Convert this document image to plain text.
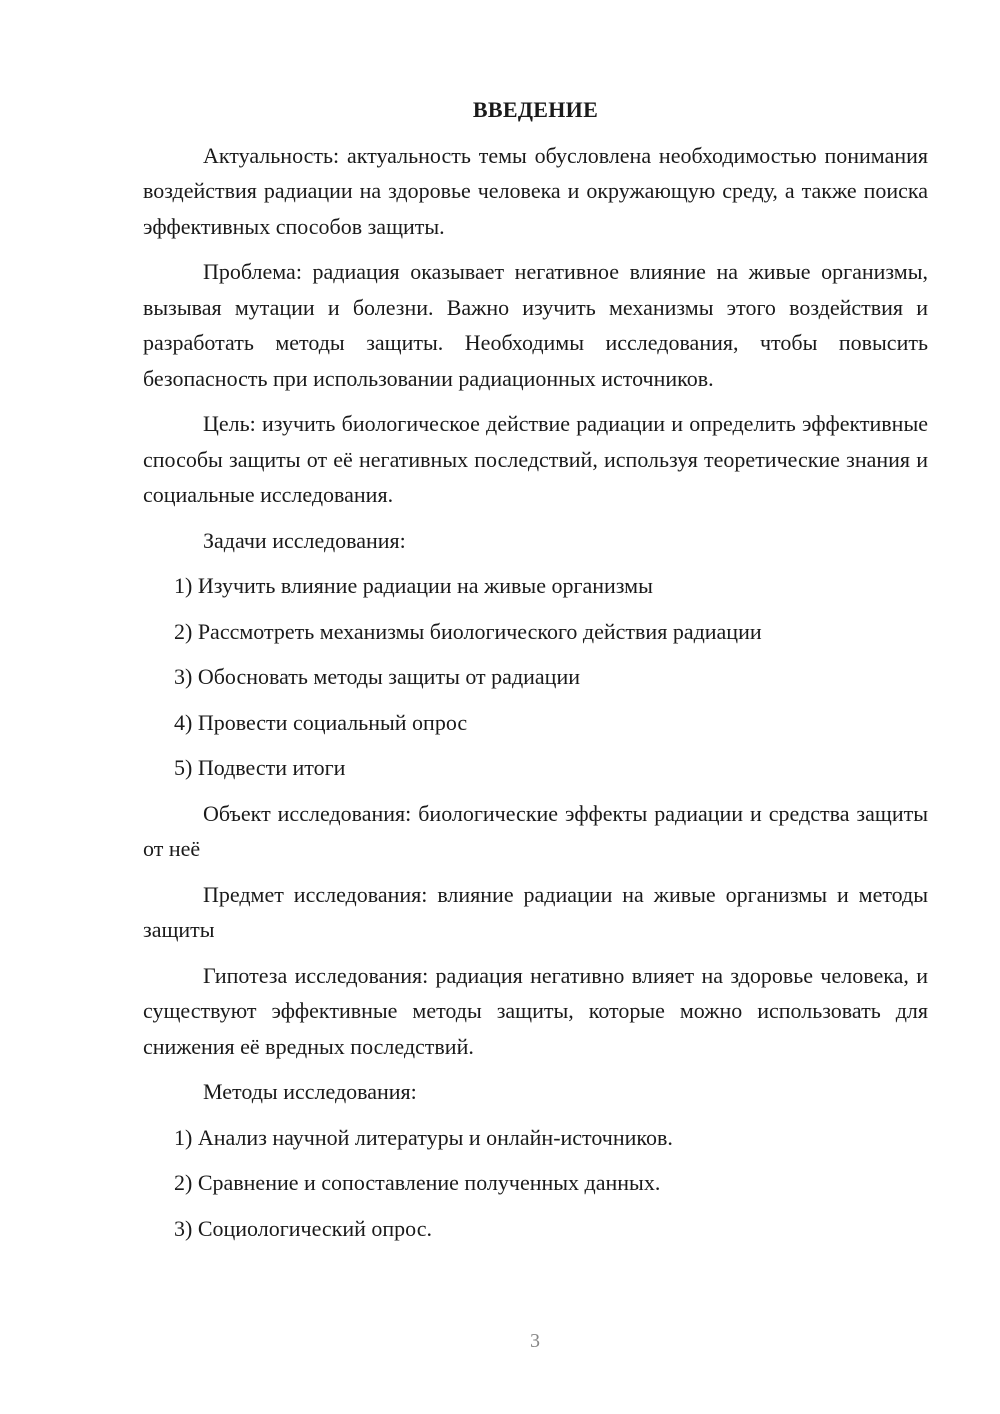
ВВЕДЕНИЕ

Актуальность: актуальность темы обусловлена необходимостью понимания воздействия радиации на здоровье человека и окружающую среду, а также поиска эффективных способов защиты.

Проблема: радиация оказывает негативное влияние на живые организмы, вызывая мутации и болезни. Важно изучить механизмы этого воздействия и разработать методы защиты. Необходимы исследования, чтобы повысить безопасность при использовании радиационных источников.

Цель: изучить биологическое действие радиации и определить эффективные способы защиты от её негативных последствий, используя теоретические знания и социальные исследования.

Задачи исследования:

1) Изучить влияние радиации на живые организмы
2) Рассмотреть механизмы биологического действия радиации
3) Обосновать методы защиты от радиации
4) Провести социальный опрос
5) Подвести итоги

Объект исследования: биологические эффекты радиации и средства защиты от неё

Предмет исследования: влияние радиации на живые организмы и методы защиты

Гипотеза исследования: радиация негативно влияет на здоровье человека, и существуют эффективные методы защиты, которые можно использовать для снижения её вредных последствий.

Методы исследования:

1) Анализ научной литературы и онлайн-источников.
2) Сравнение и сопоставление полученных данных.
3) Социологический опрос.
3
